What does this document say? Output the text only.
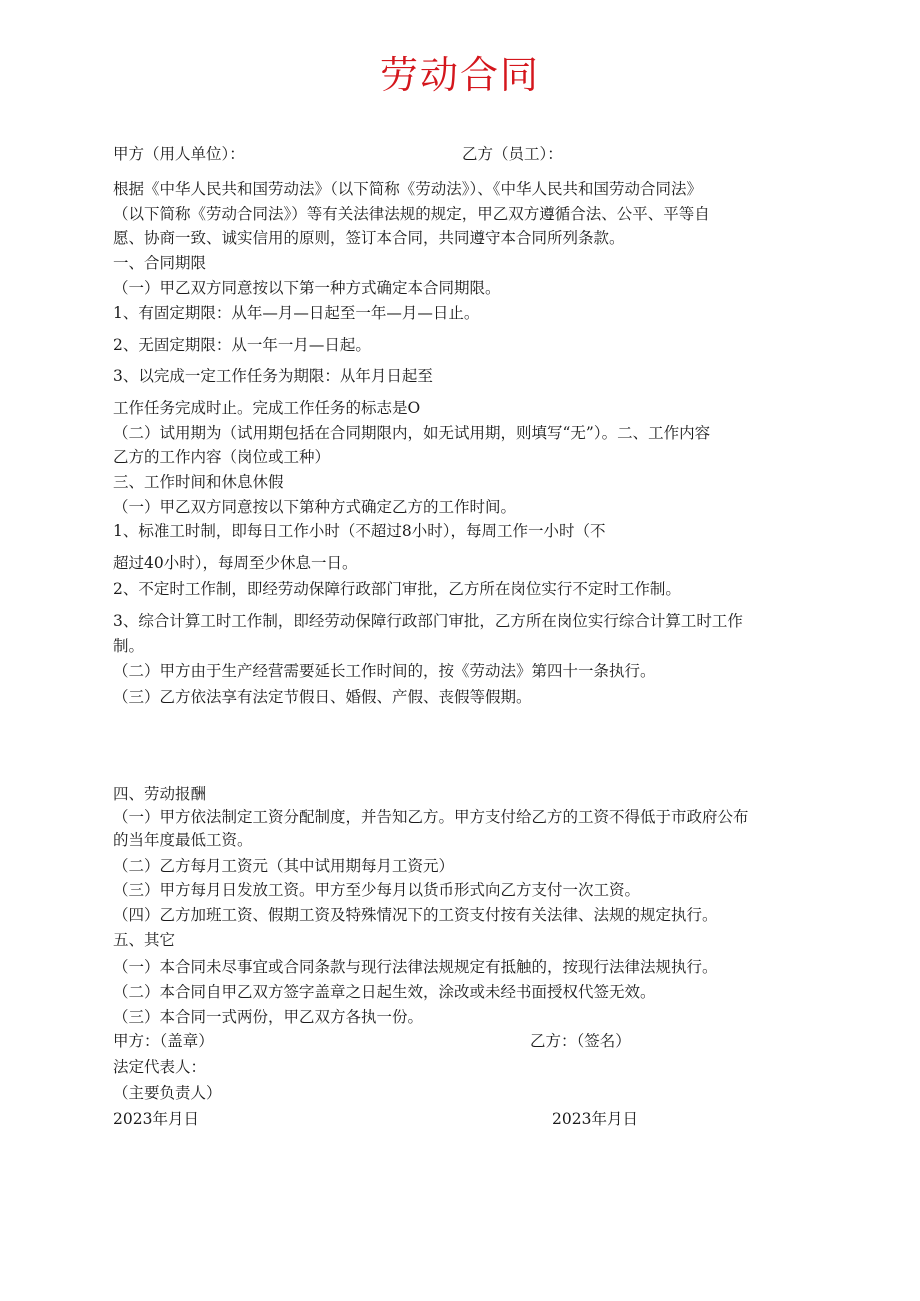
劳动合同
甲方（用人单位）：	乙方（员工）：
根据《中华人民共和国劳动法》（以下简称《劳动法》）、《中华人民共和国劳动合同法》
（以下简称《劳动合同法》）等有关法律法规的规定，甲乙双方遵循合法、公平、平等自
愿、协商一致、诚实信用的原则，签订本合同，共同遵守本合同所列条款。
一、合同期限
（一）甲乙双方同意按以下第一种方式确定本合同期限。
1、有固定期限：从年—月—日起至一年—月—日止。
2、无固定期限：从一年一月—日起。
3、以完成一定工作任务为期限：从年月日起至
工作任务完成时止。完成工作任务的标志是O
（二）试用期为（试用期包括在合同期限内，如无试用期，则填写“无”）。二、工作内容
乙方的工作内容（岗位或工种）
三、工作时间和休息休假
（一）甲乙双方同意按以下第种方式确定乙方的工作时间。
1、标准工时制，即每日工作小时（不超过8小时），每周工作一小时（不
超过40小时），每周至少休息一日。
2、不定时工作制，即经劳动保障行政部门审批，乙方所在岗位实行不定时工作制。
3、综合计算工时工作制，即经劳动保障行政部门审批，乙方所在岗位实行综合计算工时工作
制。
（二）甲方由于生产经营需要延长工作时间的，按《劳动法》第四十一条执行。
（三）乙方依法享有法定节假日、婚假、产假、丧假等假期。
四、劳动报酬
（一）甲方依法制定工资分配制度，并告知乙方。甲方支付给乙方的工资不得低于市政府公布
的当年度最低工资。
（二）乙方每月工资元（其中试用期每月工资元）
（三）甲方每月日发放工资。甲方至少每月以货币形式向乙方支付一次工资。
（四）乙方加班工资、假期工资及特殊情况下的工资支付按有关法律、法规的规定执行。
五、其它
（一）本合同未尽事宜或合同条款与现行法律法规规定有抵触的，按现行法律法规执行。
（二）本合同自甲乙双方签字盖章之日起生效，涂改或未经书面授权代签无效。
（三）本合同一式两份，甲乙双方各执一份。
甲方：（盖章）	乙方：（签名）
法定代表人：
（主要负责人）
2023年月日	2023年月日
